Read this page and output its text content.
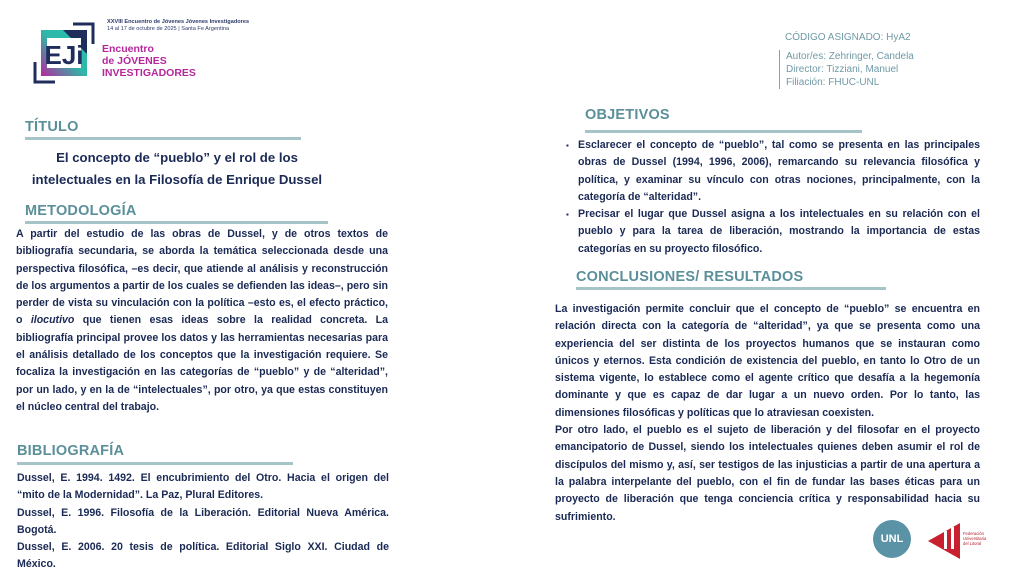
EJi
XXVIII Encuentro de Jóvenes Jóvenes Investigadores
14 al 17 de octubre de 2025 | Santa Fe Argentina
Encuentro
de JÓVENES
INVESTIGADORES
CÓDIGO ASIGNADO: HyA2
Autor/es: Zehringer, Candela
Director: Tizziani, Manuel
Filiación: FHUC-UNL
TÍTULO
El concepto de “pueblo” y el rol de los
intelectuales en la Filosofía de Enrique Dussel
METODOLOGÍA
A partir del estudio de las obras de Dussel, y de otros textos de bibliografía secundaria, se aborda la temática seleccionada desde una perspectiva filosófica, –es decir, que atiende al análisis y reconstrucción de los argumentos a partir de los cuales se defienden las ideas–, pero sin perder de vista su vinculación con la política –esto es, el efecto práctico, o ilocutivo que tienen esas ideas sobre la realidad concreta. La bibliografía principal provee los datos y las herramientas necesarias para el análisis detallado de los conceptos que la investigación requiere. Se focaliza la investigación en las categorías de “pueblo” y de “alteridad”, por un lado, y en la de “intelectuales”, por otro, ya que estas constituyen el núcleo central del trabajo.
BIBLIOGRAFÍA
Dussel, E. 1994. 1492. El encubrimiento del Otro. Hacia el origen del “mito de la Modernidad”. La Paz, Plural Editores.
Dussel, E. 1996. Filosofía de la Liberación. Editorial Nueva América. Bogotá.
Dussel, E. 2006. 20 tesis de política. Editorial Siglo XXI. Ciudad de México.
OBJETIVOS
▪ Esclarecer el concepto de “pueblo”, tal como se presenta en las principales obras de Dussel (1994, 1996, 2006), remarcando su relevancia filosófica y política, y examinar su vínculo con otras nociones, principalmente, con la categoría de “alteridad”.
▪ Precisar el lugar que Dussel asigna a los intelectuales en su relación con el pueblo y para la tarea de liberación, mostrando la importancia de estas categorías en su proyecto filosófico.
CONCLUSIONES/ RESULTADOS
La investigación permite concluir que el concepto de “pueblo” se encuentra en relación directa con la categoría de “alteridad”, ya que se presenta como una experiencia del ser distinta de los proyectos humanos que se instauran como únicos y eternos. Esta condición de existencia del pueblo, en tanto lo Otro de un sistema vigente, lo establece como el agente crítico que desafía a la hegemonía dominante y que es capaz de dar lugar a un nuevo orden. Por lo tanto, las dimensiones filosóficas y políticas que lo atraviesan coexisten.
Por otro lado, el pueblo es el sujeto de liberación y del filosofar en el proyecto emancipatorio de Dussel, siendo los intelectuales quienes deben asumir el rol de discípulos del mismo y, así, ser testigos de las injusticias a partir de una apertura a la palabra interpelante del pueblo, con el fin de fundar las bases éticas para un proyecto de liberación que tenga conciencia crítica y responsabilidad hacia su sufrimiento.
UNL	Federación
Universitaria
del Litoral
